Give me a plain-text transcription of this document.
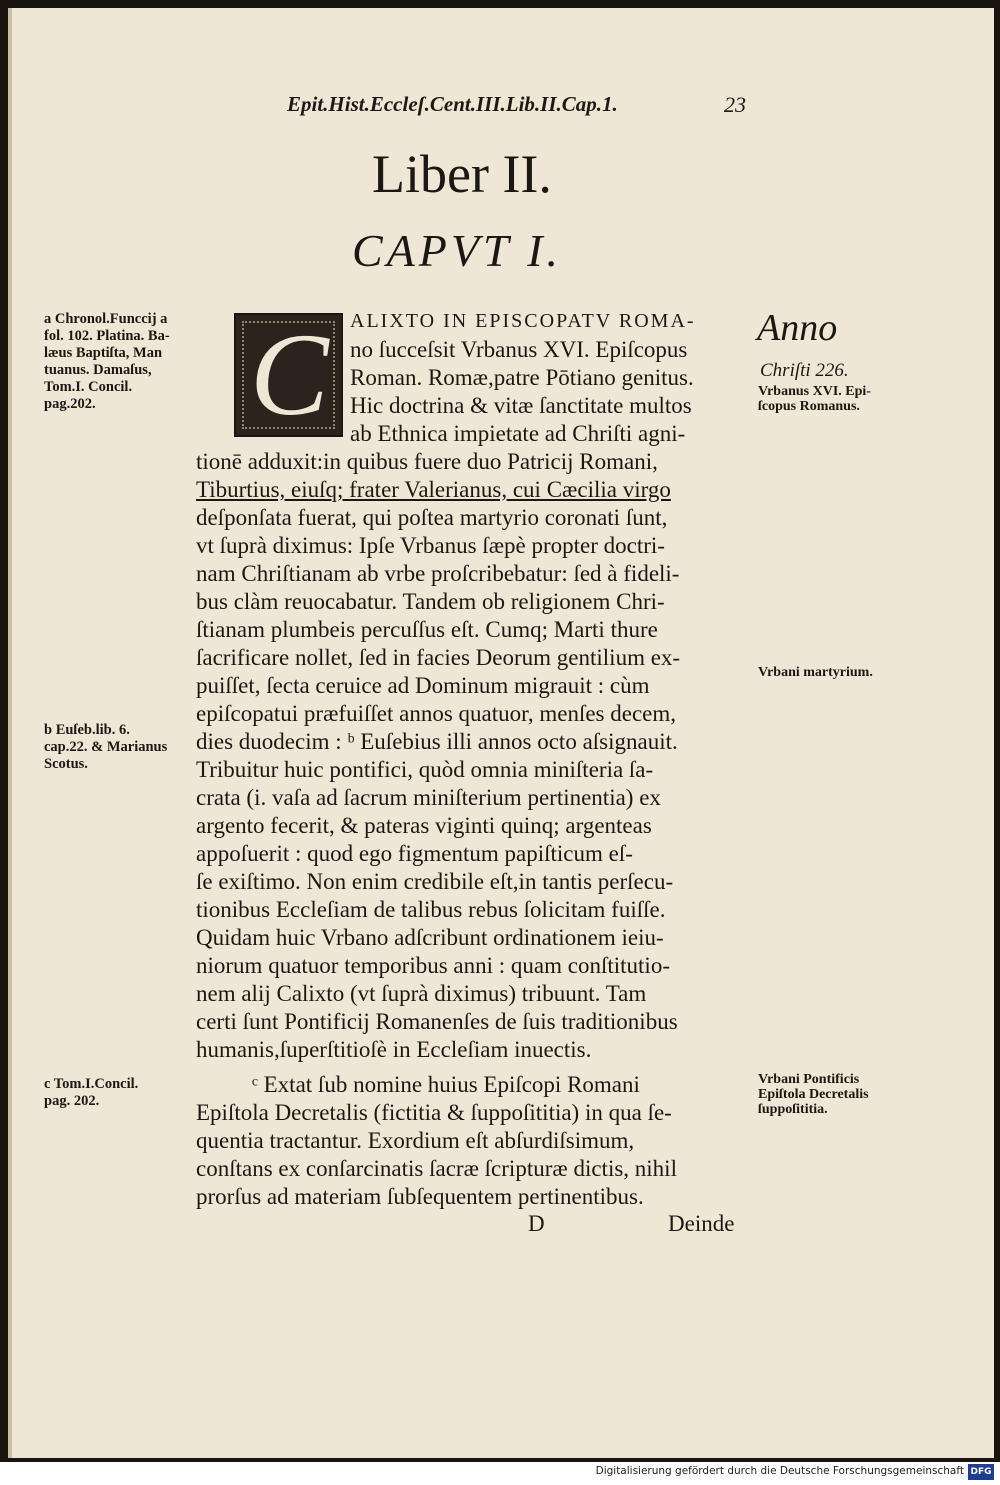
Epit.Hist.Eccleſ.Cent.III.Lib.II.Cap.1.	23
Liber II.
CAPVT I.
C
a Chronol.Funccij a
fol. 102. Platina. Ba-
læus Baptiſta, Man
tuanus. Damaſus,
Tom.I. Concil.
pag.202.
b Euſeb.lib. 6.
cap.22. & Marianus
Scotus.
c Tom.I.Concil.
pag. 202.
Anno
Chriſti 226.
Vrbanus XVI. Epi-
ſcopus Romanus.
Vrbani martyrium.
Vrbani Pontificis
Epiſtola Decretalis
ſuppoſititia.
ALIXTO IN EPISCOPATV ROMA-
no ſucceſsit Vrbanus XVI. Epiſcopus
Roman. Romæ,patre Pōtiano genitus.
Hic doctrina & vitæ ſanctitate multos
ab Ethnica impietate ad Chriſti agni-
tionē adduxit:in quibus fuere duo Patricij Romani,
Tiburtius, eiuſq; frater Valerianus, cui Cæcilia virgo
deſponſata fuerat, qui poſtea martyrio coronati ſunt,
vt ſuprà diximus: Ipſe Vrbanus ſæpè propter doctri-
nam Chriſtianam ab vrbe proſcribebatur: ſed à fideli-
bus clàm reuocabatur. Tandem ob religionem Chri-
ſtianam plumbeis percuſſus eſt. Cumq; Marti thure
ſacrificare nollet, ſed in facies Deorum gentilium ex-
puiſſet, ſecta ceruice ad Dominum migrauit : cùm
epiſcopatui præfuiſſet annos quatuor, menſes decem,
dies duodecim : ᵇ Euſebius illi annos octo aſsignauit.
Tribuitur huic pontifici, quòd omnia miniſteria ſa-
crata (i. vaſa ad ſacrum miniſterium pertinentia) ex
argento fecerit, & pateras viginti quinq; argenteas
appoſuerit : quod ego figmentum papiſticum eſ-
ſe exiſtimo. Non enim credibile eſt,in tantis perſecu-
tionibus Eccleſiam de talibus rebus ſolicitam fuiſſe.
Quidam huic Vrbano adſcribunt ordinationem ieiu-
niorum quatuor temporibus anni : quam conſtitutio-
nem alij Calixto (vt ſuprà diximus) tribuunt. Tam
certi ſunt Pontificij Romanenſes de ſuis traditionibus
humanis,ſuperſtitioſè in Eccleſiam inuectis.
ᶜ Extat ſub nomine huius Epiſcopi Romani
Epiſtola Decretalis (fictitia & ſuppoſititia) in qua ſe-
quentia tractantur. Exordium eſt abſurdiſsimum,
conſtans ex conſarcinatis ſacræ ſcripturæ dictis, nihil
prorſus ad materiam ſubſequentem pertinentibus.
D	Deinde
Digitalisierung gefördert durch die Deutsche Forschungsgemeinschaft DFG
